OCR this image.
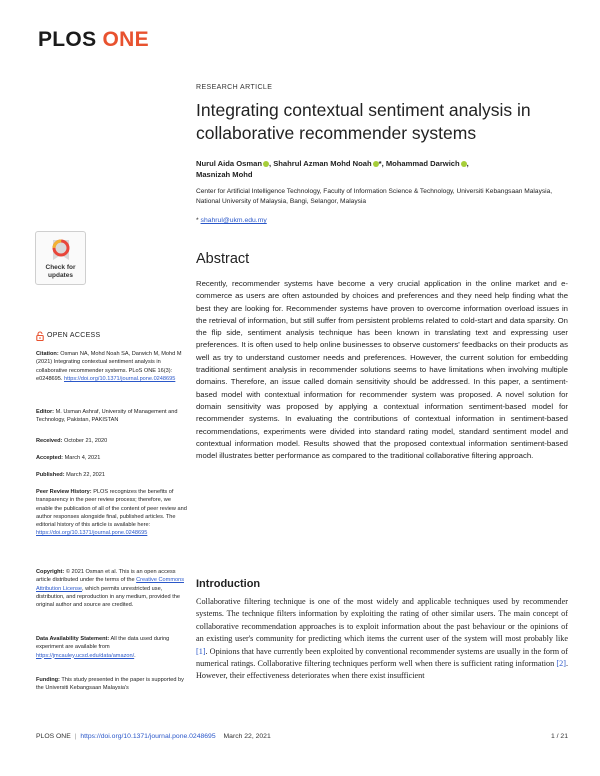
PLOS ONE
RESEARCH ARTICLE
Integrating contextual sentiment analysis in collaborative recommender systems
Nurul Aida Osman , Shahrul Azman Mohd Noah *, Mohammad Darwich ,
Masnizah Mohd
Center for Artificial Intelligence Technology, Faculty of Information Science & Technology, Universiti Kebangsaan Malaysia, National University of Malaysia, Bangi, Selangor, Malaysia
* shahrul@ukm.edu.my
Abstract

Recently, recommender systems have become a very crucial application in the online market and e-commerce as users are often astounded by choices and preferences and they need help finding what the best they are looking for. Recommender systems have proven to overcome information overload issues in the retrieval of information, but still suffer from persistent problems related to cold-start and data sparsity. On the flip side, sentiment analysis technique has been known in translating text and expressing user preferences. It is often used to help online businesses to observe customers' feedbacks on their products as well as try to understand customer needs and preferences. However, the current solution for embedding traditional sentiment analysis in recommender solutions seems to have limitations when involving multiple domains. Therefore, an issue called domain sensitivity should be addressed. In this paper, a sentiment-based model with contextual information for recommender system was proposed. A novel solution for domain sensitivity was proposed by applying a contextual information sentiment-based model for recommender systems. In evaluating the contributions of contextual information in sentiment-based recommendations, experiments were divided into standard rating model, standard sentiment model and contextual information model. Results showed that the proposed contextual information sentiment-based model illustrates better performance as compared to the traditional collaborative filtering approach.

Introduction

Collaborative filtering technique is one of the most widely and applicable techniques used by recommender systems. The technique filters information by exploiting the rating of other similar users. The main concept of collaborative recommendation approaches is to exploit information about the past behaviour or the opinions of an existing user's community for predicting which items the current user of the system will most probably like [1]. Opinions that have currently been exploited by conventional recommender systems are usually in the form of numerical ratings. Collaborative filtering techniques perform well when there is sufficient rating information [2]. However, their effectiveness deteriorates when there exist insufficient

Check for
updates
OPEN ACCESS
Citation: Osman NA, Mohd Noah SA, Darwich M, Mohd M (2021) Integrating contextual sentiment analysis in collaborative recommender systems. PLoS ONE 16(3): e0248695. https://doi.org/10.1371/journal.pone.0248695
Editor: M. Usman Ashraf, University of Management and Technology, Pakistan, PAKISTAN
Received: October 21, 2020
Accepted: March 4, 2021
Published: March 22, 2021
Peer Review History: PLOS recognizes the benefits of transparency in the peer review process; therefore, we enable the publication of all of the content of peer review and author responses alongside final, published articles. The editorial history of this article is available here: https://doi.org/10.1371/journal.pone.0248695
Copyright: © 2021 Osman et al. This is an open access article distributed under the terms of the Creative Commons Attribution License, which permits unrestricted use, distribution, and reproduction in any medium, provided the original author and source are credited.
Data Availability Statement: All the data used during experiment are available from https://jmcauley.ucsd.edu/data/amazon/.
Funding: This study presented in the paper is supported by the Universiti Kebangsaan Malaysia's
PLOS ONE | https://doi.org/10.1371/journal.pone.0248695 March 22, 2021	1 / 21
